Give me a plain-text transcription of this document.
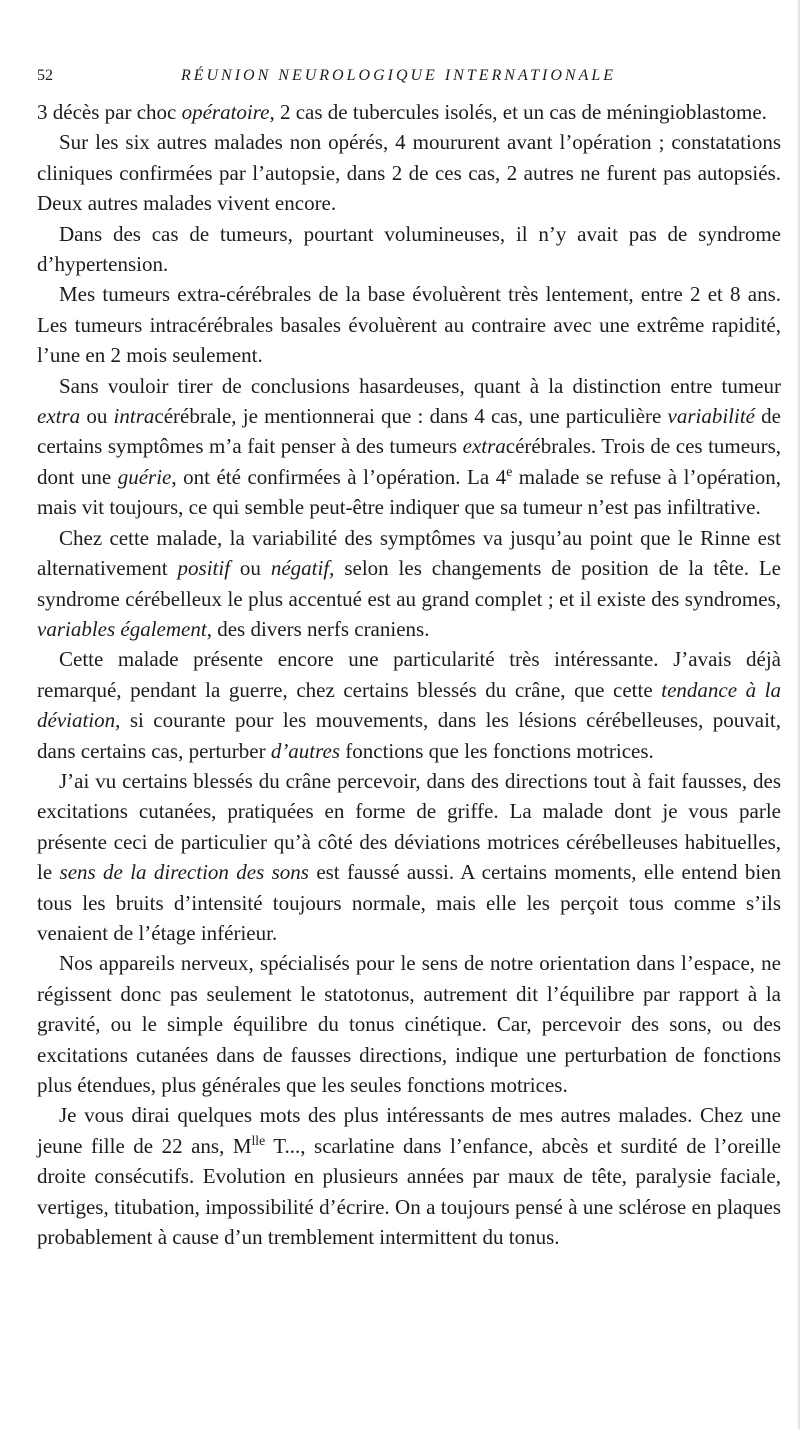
52	RÉUNION NEUROLOGIQUE INTERNATIONALE

3 décès par choc opératoire, 2 cas de tubercules isolés, et un cas de méningioblastome.

Sur les six autres malades non opérés, 4 moururent avant l’opération ; constatations cliniques confirmées par l’autopsie, dans 2 de ces cas, 2 autres ne furent pas autopsiés. Deux autres malades vivent encore.

Dans des cas de tumeurs, pourtant volumineuses, il n’y avait pas de syndrome d’hypertension.

Mes tumeurs extra-cérébrales de la base évoluèrent très lentement, entre 2 et 8 ans. Les tumeurs intracérébrales basales évoluèrent au contraire avec une extrême rapidité, l’une en 2 mois seulement.

Sans vouloir tirer de conclusions hasardeuses, quant à la distinction entre tumeur extra ou intracérébrale, je mentionnerai que : dans 4 cas, une particulière variabilité de certains symptômes m’a fait penser à des tumeurs extracérébrales. Trois de ces tumeurs, dont une guérie, ont été confirmées à l’opération. La 4e malade se refuse à l’opération, mais vit toujours, ce qui semble peut-être indiquer que sa tumeur n’est pas infiltrative.

Chez cette malade, la variabilité des symptômes va jusqu’au point que le Rinne est alternativement positif ou négatif, selon les changements de position de la tête. Le syndrome cérébelleux le plus accentué est au grand complet ; et il existe des syndromes, variables également, des divers nerfs craniens.

Cette malade présente encore une particularité très intéressante. J’avais déjà remarqué, pendant la guerre, chez certains blessés du crâne, que cette tendance à la déviation, si courante pour les mouvements, dans les lésions cérébelleuses, pouvait, dans certains cas, perturber d’autres fonctions que les fonctions motrices.

J’ai vu certains blessés du crâne percevoir, dans des directions tout à fait fausses, des excitations cutanées, pratiquées en forme de griffe. La malade dont je vous parle présente ceci de particulier qu’à côté des déviations motrices cérébelleuses habituelles, le sens de la direction des sons est faussé aussi. A certains moments, elle entend bien tous les bruits d’intensité toujours normale, mais elle les perçoit tous comme s’ils venaient de l’étage inférieur.

Nos appareils nerveux, spécialisés pour le sens de notre orientation dans l’espace, ne régissent donc pas seulement le statotonus, autrement dit l’équilibre par rapport à la gravité, ou le simple équilibre du tonus cinétique. Car, percevoir des sons, ou des excitations cutanées dans de fausses directions, indique une perturbation de fonctions plus étendues, plus générales que les seules fonctions motrices.

Je vous dirai quelques mots des plus intéressants de mes autres malades. Chez une jeune fille de 22 ans, $M^{lle}$ T..., scarlatine dans l’enfance, abcès et surdité de l’oreille droite consécutifs. Evolution en plusieurs années par maux de tête, paralysie faciale, vertiges, titubation, impossibilité d’écrire. On a toujours pensé à une sclérose en plaques probablement à cause d’un tremblement intermittent du tonus.
